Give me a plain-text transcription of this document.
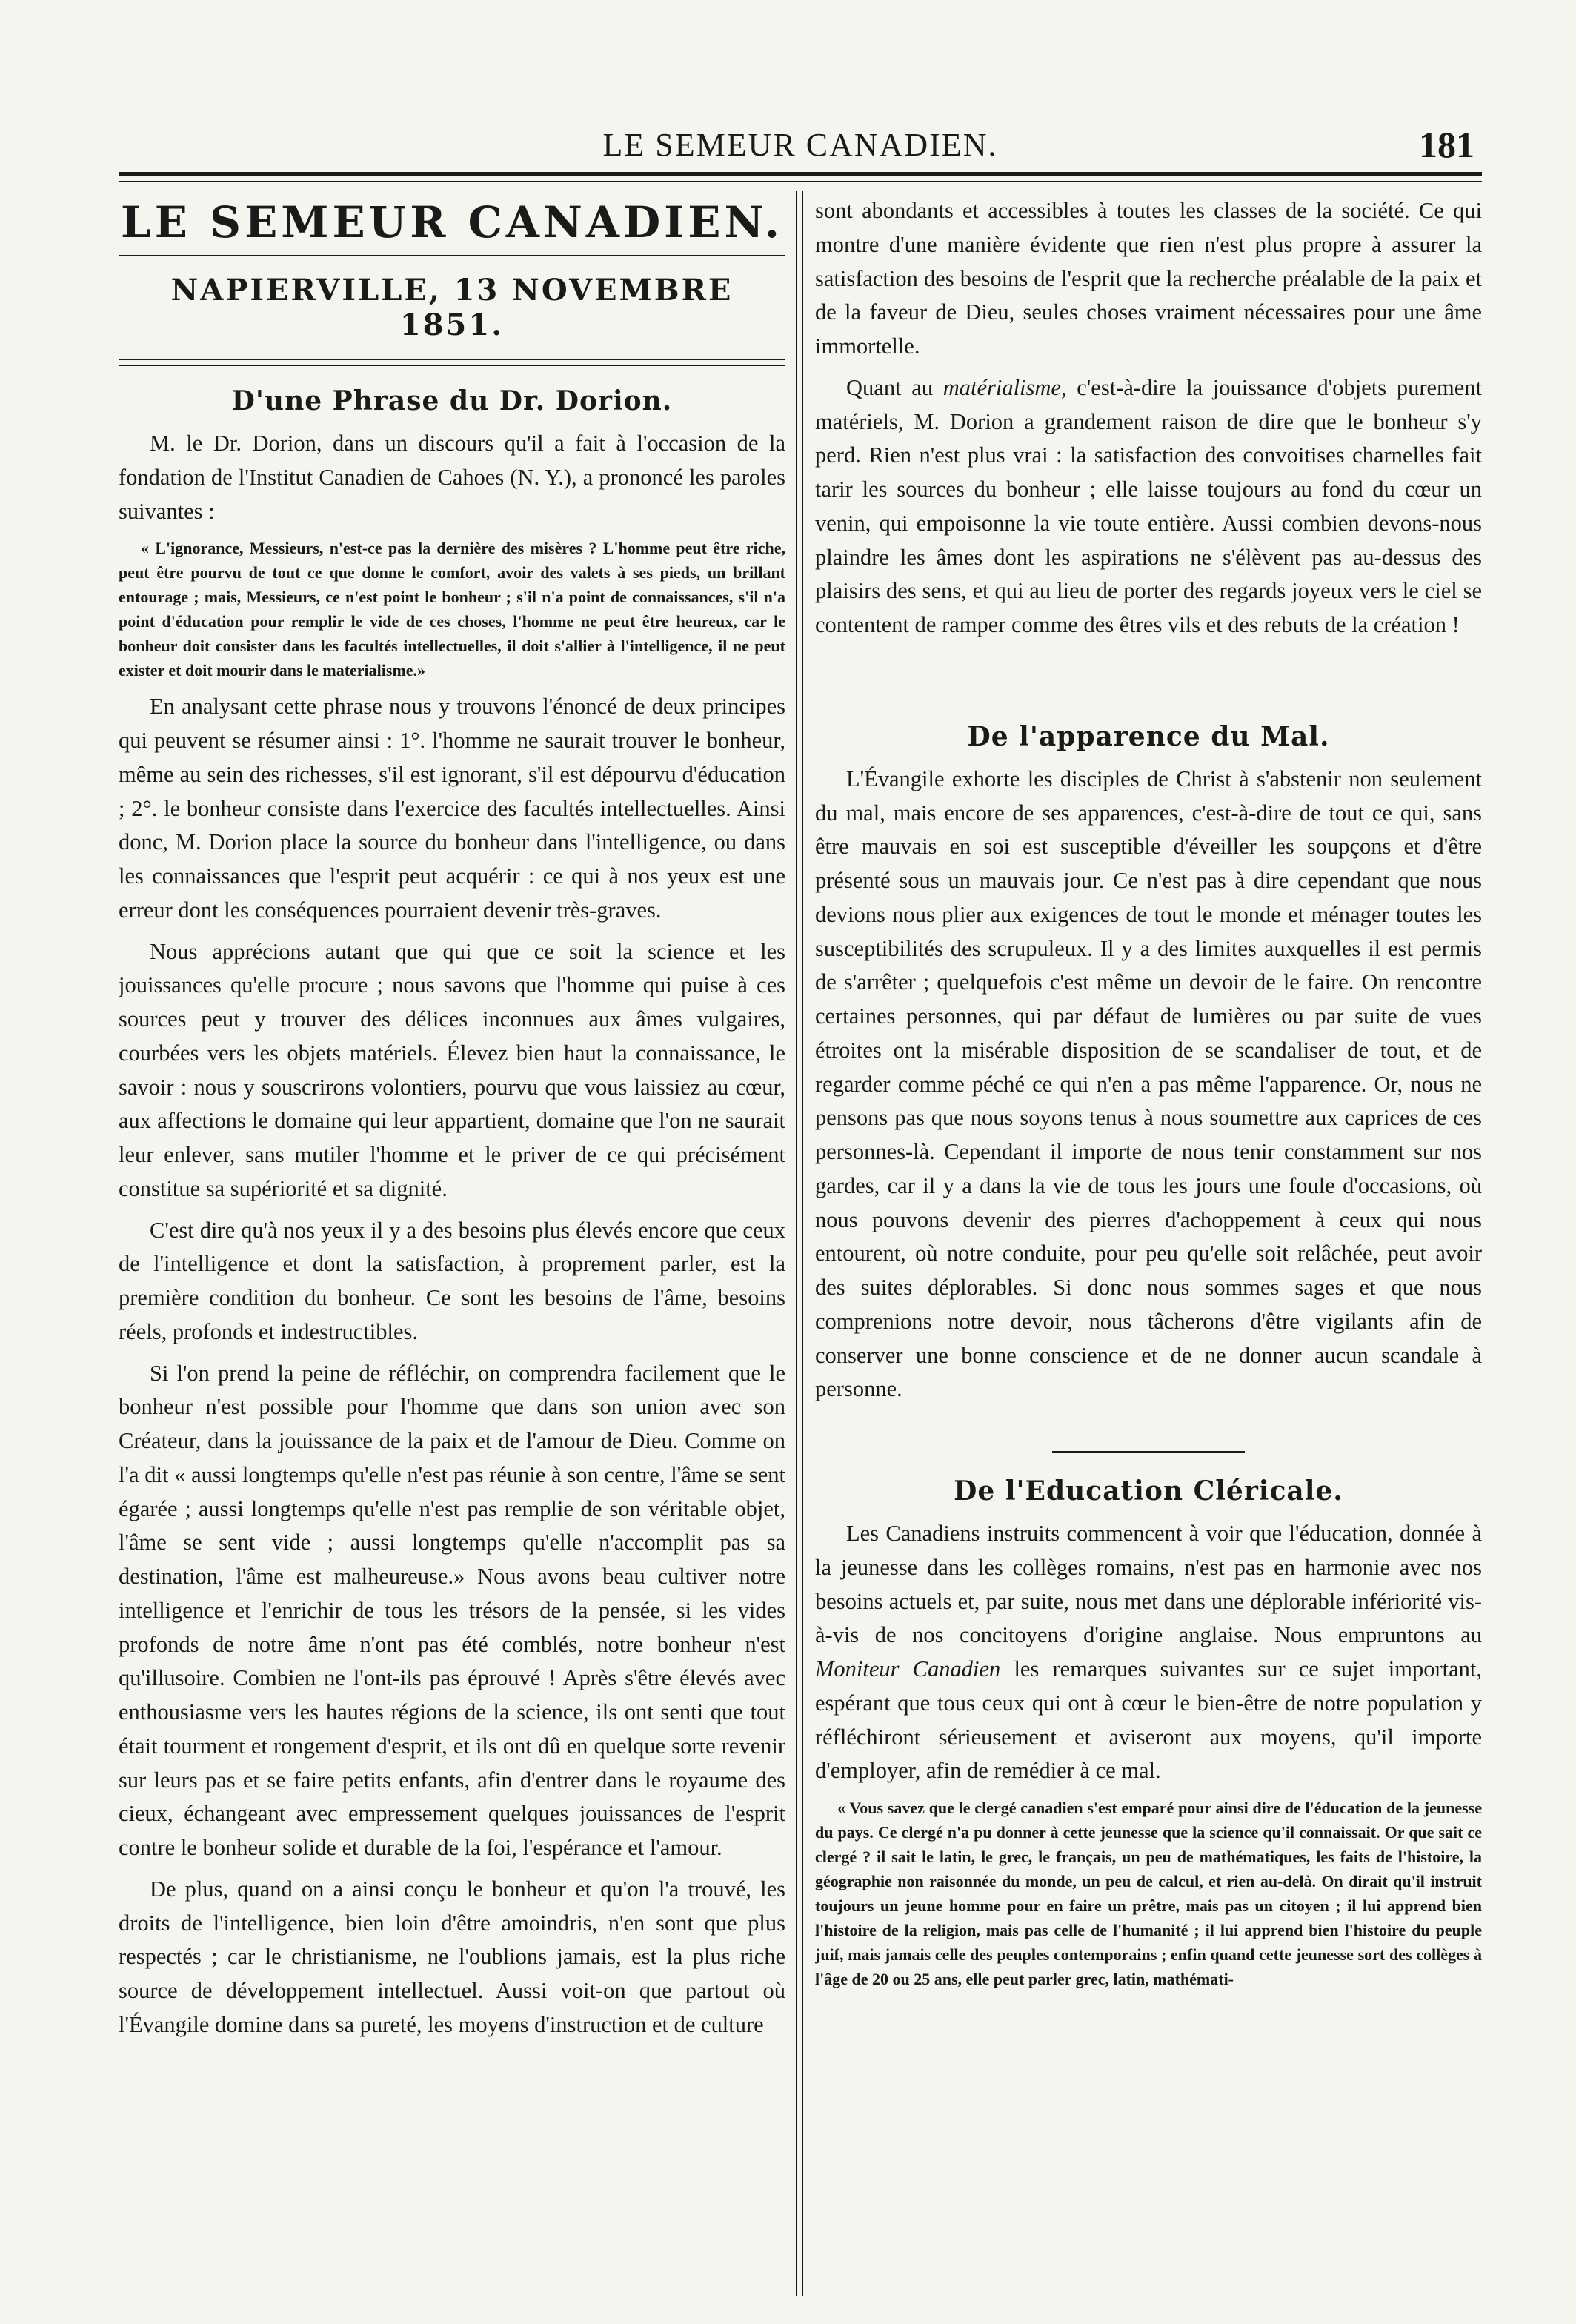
LE SEMEUR CANADIEN.	181
LE SEMEUR CANADIEN.
NAPIERVILLE, 13 NOVEMBRE 1851.
D'une Phrase du Dr. Dorion.

M. le Dr. Dorion, dans un discours qu'il a fait à l'occasion de la fondation de l'Institut Canadien de Cahoes (N. Y.), a prononcé les paroles suivantes :

« L'ignorance, Messieurs, n'est-ce pas la dernière des misères ? L'homme peut être riche, peut être pourvu de tout ce que donne le comfort, avoir des valets à ses pieds, un brillant entourage ; mais, Messieurs, ce n'est point le bonheur ; s'il n'a point de connaissances, s'il n'a point d'éducation pour remplir le vide de ces choses, l'homme ne peut être heureux, car le bonheur doit consister dans les facultés intellectuelles, il doit s'allier à l'intelligence, il ne peut exister et doit mourir dans le materialisme.»

En analysant cette phrase nous y trouvons l'énoncé de deux principes qui peuvent se résumer ainsi : 1°. l'homme ne saurait trouver le bonheur, même au sein des richesses, s'il est ignorant, s'il est dépourvu d'éducation ; 2°. le bonheur consiste dans l'exercice des facultés intellectuelles. Ainsi donc, M. Dorion place la source du bonheur dans l'intelligence, ou dans les connaissances que l'esprit peut acquérir : ce qui à nos yeux est une erreur dont les conséquences pourraient devenir très-graves.

Nous apprécions autant que qui que ce soit la science et les jouissances qu'elle procure ; nous savons que l'homme qui puise à ces sources peut y trouver des délices inconnues aux âmes vulgaires, courbées vers les objets matériels. Élevez bien haut la connaissance, le savoir : nous y souscrirons volontiers, pourvu que vous laissiez au cœur, aux affections le domaine qui leur appartient, domaine que l'on ne saurait leur enlever, sans mutiler l'homme et le priver de ce qui précisément constitue sa supériorité et sa dignité.

C'est dire qu'à nos yeux il y a des besoins plus élevés encore que ceux de l'intelligence et dont la satisfaction, à proprement parler, est la première condition du bonheur. Ce sont les besoins de l'âme, besoins réels, profonds et indestructibles.

Si l'on prend la peine de réfléchir, on comprendra facilement que le bonheur n'est possible pour l'homme que dans son union avec son Créateur, dans la jouissance de la paix et de l'amour de Dieu. Comme on l'a dit « aussi longtemps qu'elle n'est pas réunie à son centre, l'âme se sent égarée ; aussi longtemps qu'elle n'est pas remplie de son véritable objet, l'âme se sent vide ; aussi longtemps qu'elle n'accomplit pas sa destination, l'âme est malheureuse.» Nous avons beau cultiver notre intelligence et l'enrichir de tous les trésors de la pensée, si les vides profonds de notre âme n'ont pas été comblés, notre bonheur n'est qu'illusoire. Combien ne l'ont-ils pas éprouvé ! Après s'être élevés avec enthousiasme vers les hautes régions de la science, ils ont senti que tout était tourment et rongement d'esprit, et ils ont dû en quelque sorte revenir sur leurs pas et se faire petits enfants, afin d'entrer dans le royaume des cieux, échangeant avec empressement quelques jouissances de l'esprit contre le bonheur solide et durable de la foi, l'espérance et l'amour.

De plus, quand on a ainsi conçu le bonheur et qu'on l'a trouvé, les droits de l'intelligence, bien loin d'être amoindris, n'en sont que plus respectés ; car le christianisme, ne l'oublions jamais, est la plus riche source de développement intellectuel. Aussi voit-on que partout où l'Évangile domine dans sa pureté, les moyens d'instruction et de culture

sont abondants et accessibles à toutes les classes de la société. Ce qui montre d'une manière évidente que rien n'est plus propre à assurer la satisfaction des besoins de l'esprit que la recherche préalable de la paix et de la faveur de Dieu, seules choses vraiment nécessaires pour une âme immortelle.

Quant au matérialisme, c'est-à-dire la jouissance d'objets purement matériels, M. Dorion a grandement raison de dire que le bonheur s'y perd. Rien n'est plus vrai : la satisfaction des convoitises charnelles fait tarir les sources du bonheur ; elle laisse toujours au fond du cœur un venin, qui empoisonne la vie toute entière. Aussi combien devons-nous plaindre les âmes dont les aspirations ne s'élèvent pas au-dessus des plaisirs des sens, et qui au lieu de porter des regards joyeux vers le ciel se contentent de ramper comme des êtres vils et des rebuts de la création !

De l'apparence du Mal.

L'Évangile exhorte les disciples de Christ à s'abstenir non seulement du mal, mais encore de ses apparences, c'est-à-dire de tout ce qui, sans être mauvais en soi est susceptible d'éveiller les soupçons et d'être présenté sous un mauvais jour. Ce n'est pas à dire cependant que nous devions nous plier aux exigences de tout le monde et ménager toutes les susceptibilités des scrupuleux. Il y a des limites auxquelles il est permis de s'arrêter ; quelquefois c'est même un devoir de le faire. On rencontre certaines personnes, qui par défaut de lumières ou par suite de vues étroites ont la misérable disposition de se scandaliser de tout, et de regarder comme péché ce qui n'en a pas même l'apparence. Or, nous ne pensons pas que nous soyons tenus à nous soumettre aux caprices de ces personnes-là. Cependant il importe de nous tenir constamment sur nos gardes, car il y a dans la vie de tous les jours une foule d'occasions, où nous pouvons devenir des pierres d'achoppement à ceux qui nous entourent, où notre conduite, pour peu qu'elle soit relâchée, peut avoir des suites déplorables. Si donc nous sommes sages et que nous comprenions notre devoir, nous tâcherons d'être vigilants afin de conserver une bonne conscience et de ne donner aucun scandale à personne.

De l'Education Cléricale.

Les Canadiens instruits commencent à voir que l'éducation, donnée à la jeunesse dans les collèges romains, n'est pas en harmonie avec nos besoins actuels et, par suite, nous met dans une déplorable infériorité vis-à-vis de nos concitoyens d'origine anglaise. Nous empruntons au Moniteur Canadien les remarques suivantes sur ce sujet important, espérant que tous ceux qui ont à cœur le bien-être de notre population y réfléchiront sérieusement et aviseront aux moyens, qu'il importe d'employer, afin de remédier à ce mal.

« Vous savez que le clergé canadien s'est emparé pour ainsi dire de l'éducation de la jeunesse du pays. Ce clergé n'a pu donner à cette jeunesse que la science qu'il connaissait. Or que sait ce clergé ? il sait le latin, le grec, le français, un peu de mathématiques, les faits de l'histoire, la géographie non raisonnée du monde, un peu de calcul, et rien au-delà. On dirait qu'il instruit toujours un jeune homme pour en faire un prêtre, mais pas un citoyen ; il lui apprend bien l'histoire de la religion, mais pas celle de l'humanité ; il lui apprend bien l'histoire du peuple juif, mais jamais celle des peuples contemporains ; enfin quand cette jeunesse sort des collèges à l'âge de 20 ou 25 ans, elle peut parler grec, latin, mathémati-
